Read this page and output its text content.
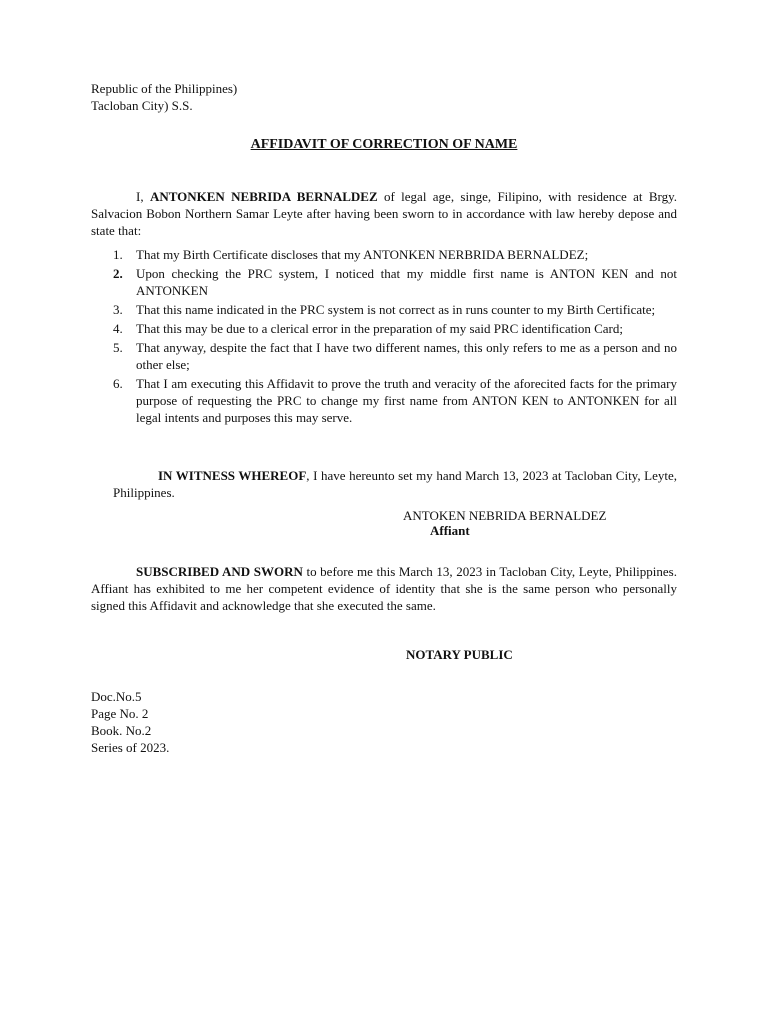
Republic of the Philippines)
Tacloban City) S.S.
AFFIDAVIT OF CORRECTION OF NAME
I, ANTONKEN NEBRIDA BERNALDEZ of legal age, singe, Filipino, with residence at Brgy. Salvacion Bobon Northern Samar Leyte after having been sworn to in accordance with law hereby depose and state that:
1. That my Birth Certificate discloses that my ANTONKEN NERBRIDA BERNALDEZ;
2. Upon checking the PRC system, I noticed that my middle first name is ANTON KEN and not ANTONKEN
3. That this name indicated in the PRC system is not correct as in runs counter to my Birth Certificate;
4. That this may be due to a clerical error in the preparation of my said PRC identification Card;
5. That anyway, despite the fact that I have two different names, this only refers to me as a person and no other else;
6. That I am executing this Affidavit to prove the truth and veracity of the aforecited facts for the primary purpose of requesting the PRC to change my first name from ANTON KEN to ANTONKEN for all legal intents and purposes this may serve.
IN WITNESS WHEREOF, I have hereunto set my hand March 13, 2023 at Tacloban City, Leyte, Philippines.
ANTOKEN NEBRIDA BERNALDEZ
Affiant
SUBSCRIBED AND SWORN to before me this March 13, 2023 in Tacloban City, Leyte, Philippines. Affiant has exhibited to me her competent evidence of identity that she is the same person who personally signed this Affidavit and acknowledge that she executed the same.
NOTARY PUBLIC
Doc.No.5
Page No. 2
Book. No.2
Series of 2023.
